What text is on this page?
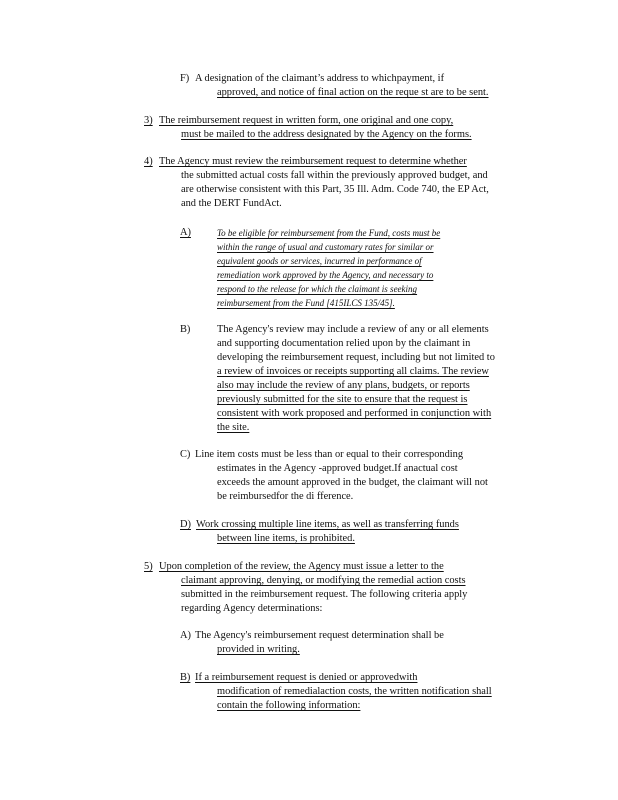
F) A designation of the claimant’s address to whichpayment, if
approved, and notice of final action on the reque st are to be sent.
3) The reimbursement request in written form, one original and one copy,
must be mailed to the address designated by the Agency on the forms.
4) The Agency must review the reimbursement request to determine whether
the submitted actual costs fall within the previously approved budget, and
are otherwise consistent with this Part, 35 Ill. Adm. Code 740, the EP Act,
and the DERT FundAct.
A)	To be eligible for reimbursement from the Fund, costs must be
within the range of usual and customary rates for similar or
equivalent goods or services, incurred in performance of
remediation work approved by the Agency, and necessary to
respond to the release for which the claimant is seeking
reimbursement from the Fund [415ILCS 135/45].
B)	The Agency's review may include a review of any or all elements
and supporting documentation relied upon by the claimant in
developing the reimbursement request, including but not limited to
a review of invoices or receipts supporting all claims. The review
also may include the review of any plans, budgets, or reports
previously submitted for the site to ensure that the request is
consistent with work proposed and performed in conjunction with
the site.
C) Line item costs must be less than or equal to their corresponding
estimates in the Agency -approved budget.If anactual cost
exceeds the amount approved in the budget, the claimant will not
be reimbursedfor the di fference.
D) Work crossing multiple line items, as well as transferring funds
between line items, is prohibited.
5) Upon completion of the review, the Agency must issue a letter to the
claimant approving, denying, or modifying the remedial action costs
submitted in the reimbursement request. The following criteria apply
regarding Agency determinations:
A) The Agency's reimbursement request determination shall be
provided in writing.
B) If a reimbursement request is denied or approvedwith
modification of remedialaction costs, the written notification shall
contain the following information:
